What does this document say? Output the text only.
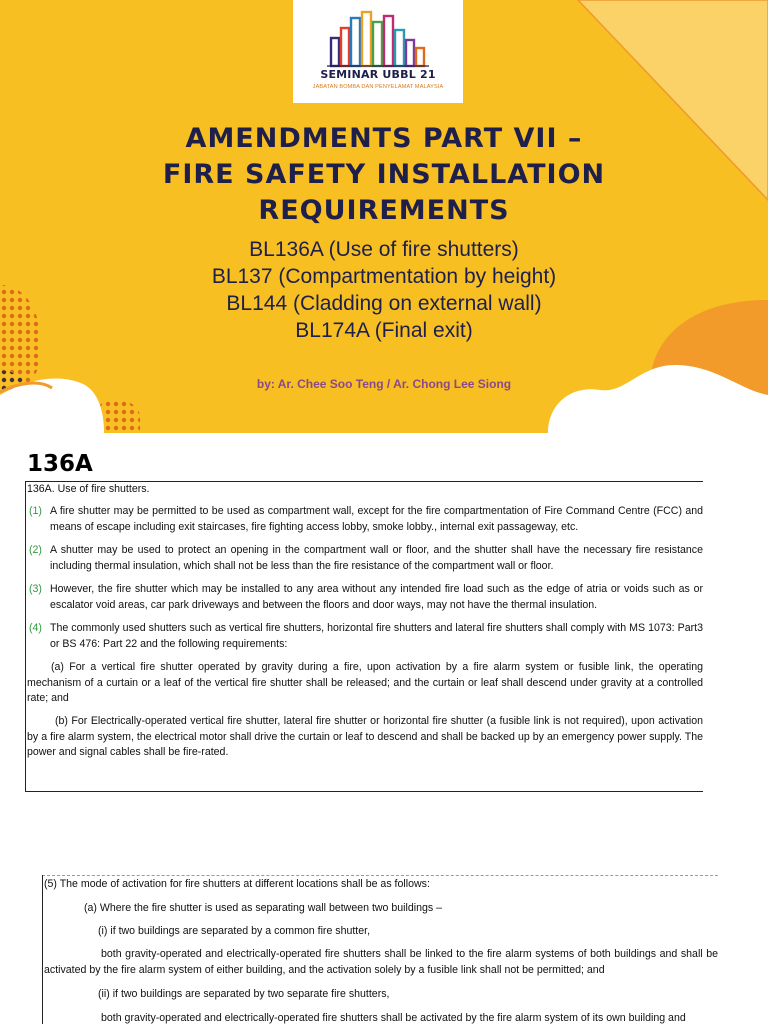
SEMINAR UBBL 21
JABATAN BOMBA DAN PENYELAMAT MALAYSIA
AMENDMENTS PART VII –
FIRE SAFETY INSTALLATION
REQUIREMENTS
BL136A (Use of fire shutters)
BL137 (Compartmentation by height)
BL144 (Cladding on external wall)
BL174A (Final exit)
by: Ar. Chee Soo Teng / Ar. Chong Lee Siong
136A
136A. Use of fire shutters.
(1) A fire shutter may be permitted to be used as compartment wall, except for the fire compartmentation of Fire Command Centre (FCC) and means of escape including exit staircases, fire fighting access lobby, smoke lobby., internal exit passageway, etc.
(2) A shutter may be used to protect an opening in the compartment wall or floor, and the shutter shall have the necessary fire resistance including thermal insulation, which shall not be less than the fire resistance of the compartment wall or floor.
(3) However, the fire shutter which may be installed to any area without any intended fire load such as the edge of atria or voids such as or escalator void areas, car park driveways and between the floors and door ways, may not have the thermal insulation.
(4) The commonly used shutters such as vertical fire shutters, horizontal fire shutters and lateral fire shutters shall comply with MS 1073: Part3 or BS 476: Part 22 and the following requirements:
(a) For a vertical fire shutter operated by gravity during a fire, upon activation by a fire alarm system or fusible link, the operating mechanism of a curtain or a leaf of the vertical fire shutter shall be released; and the curtain or leaf shall descend under gravity at a controlled rate; and
(b) For Electrically-operated vertical fire shutter, lateral fire shutter or horizontal fire shutter (a fusible link is not required), upon activation by a fire alarm system, the electrical motor shall drive the curtain or leaf to descend and shall be backed up by an emergency power supply. The power and signal cables shall be fire-rated.
(5) The mode of activation for fire shutters at different locations shall be as follows:
(a) Where the fire shutter is used as separating wall between two buildings –
(i) if two buildings are separated by a common fire shutter,
both gravity-operated and electrically-operated fire shutters shall be linked to the fire alarm systems of both buildings and shall be activated by the fire alarm system of either building, and the activation solely by a fusible link shall not be permitted; and
(ii) if two buildings are separated by two separate fire shutters,
both gravity-operated and electrically-operated fire shutters shall be activated by the fire alarm system of its own building and
